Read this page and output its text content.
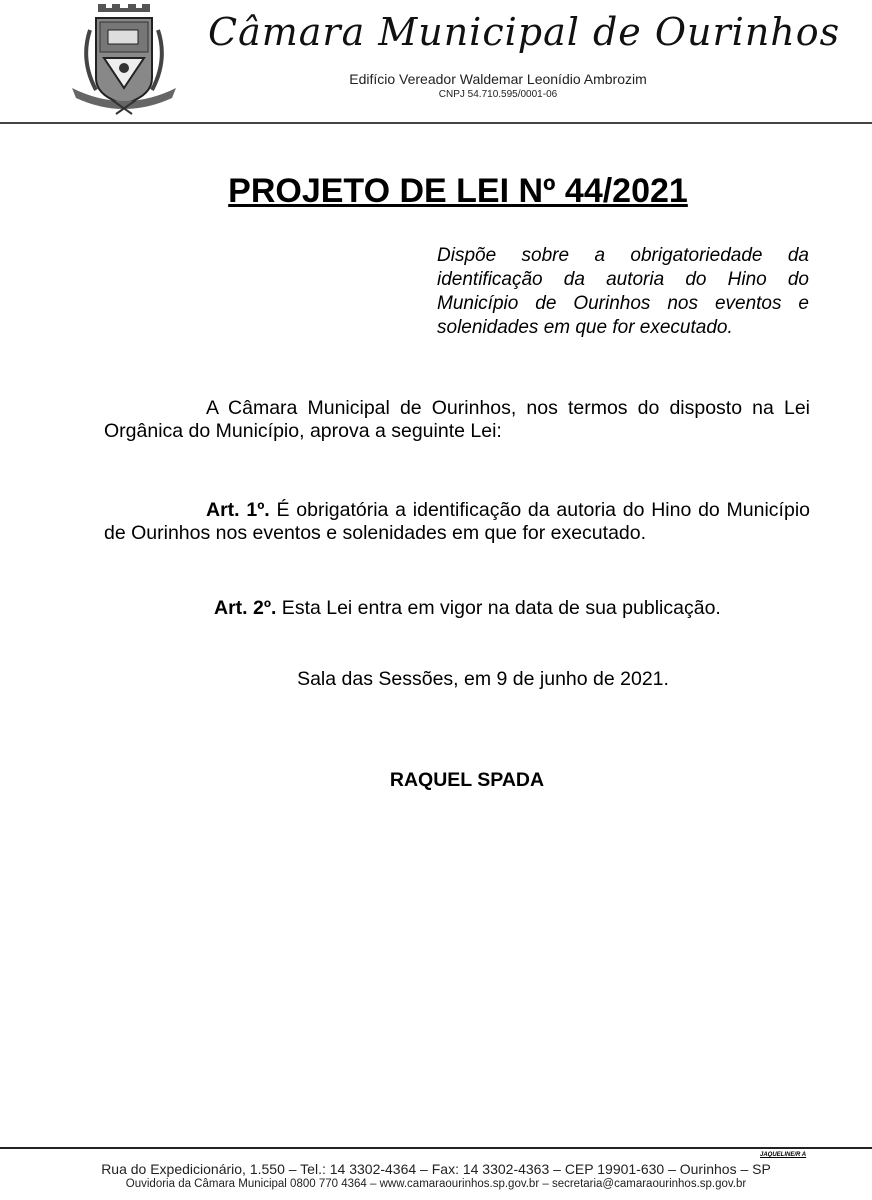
Câmara Municipal de Ourinhos
Edifício Vereador Waldemar Leonídio Ambrozim
CNPJ 54.710.595/0001-06
PROJETO DE LEI Nº 44/2021
Dispõe sobre a obrigatoriedade da identificação da autoria do Hino do Município de Ourinhos nos eventos e solenidades em que for executado.
A Câmara Municipal de Ourinhos, nos termos do disposto na Lei Orgânica do Município, aprova a seguinte Lei:
Art. 1º. É obrigatória a identificação da autoria do Hino do Município de Ourinhos nos eventos e solenidades em que for executado.
Art. 2º. Esta Lei entra em vigor na data de sua publicação.
Sala das Sessões, em 9 de junho de 2021.
RAQUEL SPADA
JAQUELINE/R A
Rua do Expedicionário, 1.550 – Tel.: 14 3302-4364 – Fax: 14 3302-4363 – CEP 19901-630 – Ourinhos – SP
Ouvidoria da Câmara Municipal 0800 770 4364 – www.camaraourinhos.sp.gov.br – secretaria@camaraourinhos.sp.gov.br
